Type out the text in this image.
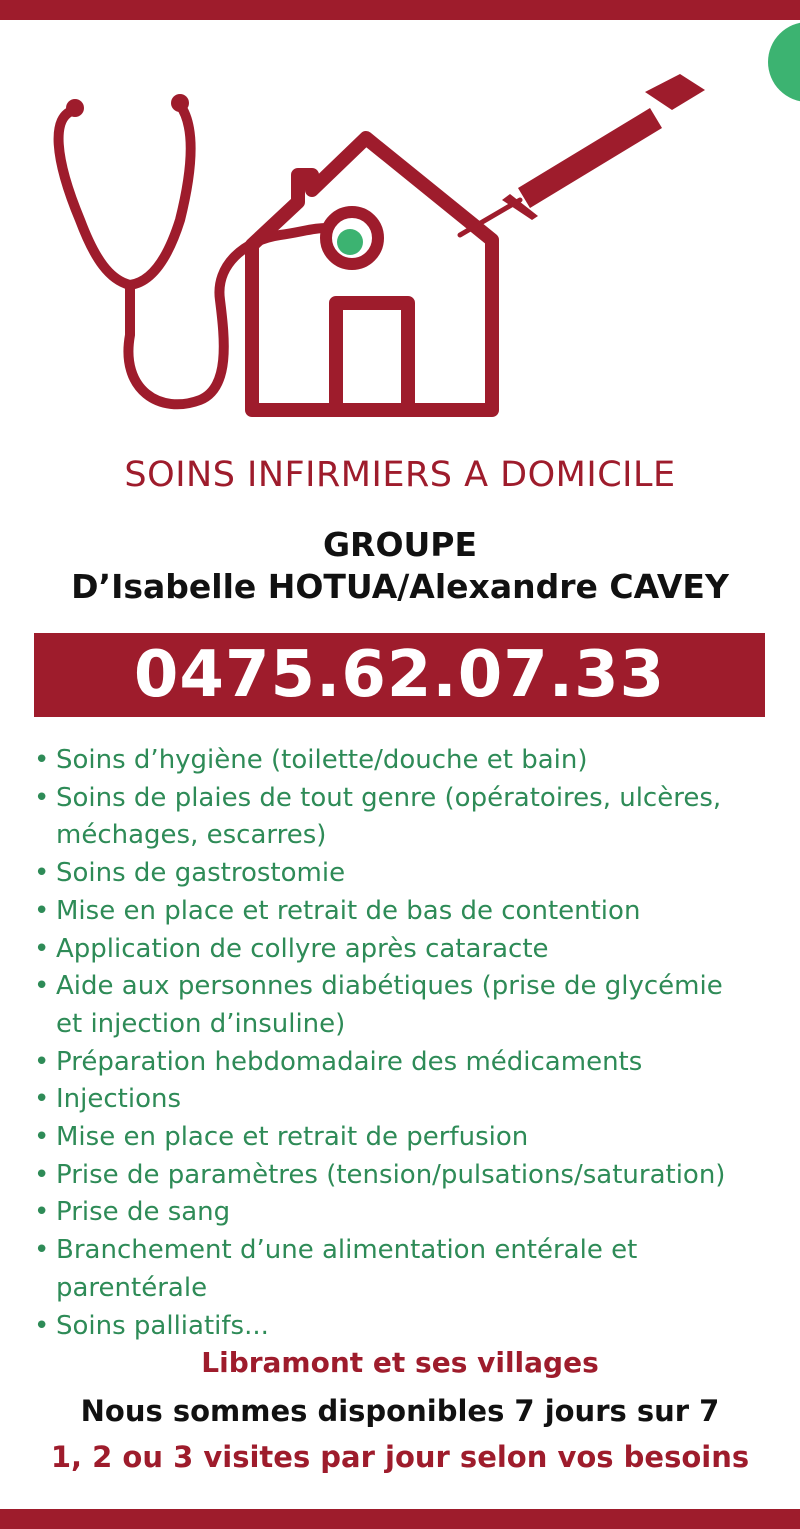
SOINS INFIRMIERS A DOMICILE
GROUPE
D’Isabelle HOTUA/Alexandre CAVEY
0475.62.07.33
• Soins d’hygiène (toilette/douche et bain)
• Soins de plaies de tout genre (opératoires, ulcères,
méchages, escarres)
• Soins de gastrostomie
• Mise en place et retrait de bas de contention
• Application de collyre après cataracte
• Aide aux personnes diabétiques (prise de glycémie
et injection d’insuline)
• Préparation hebdomadaire des médicaments
• Injections
• Mise en place et retrait de perfusion
• Prise de paramètres (tension/pulsations/saturation)
• Prise de sang
• Branchement d’une alimentation entérale et parentérale
• Soins palliatifs...
Libramont et ses villages
Nous sommes disponibles 7 jours sur 7
1, 2 ou 3 visites par jour selon vos besoins
